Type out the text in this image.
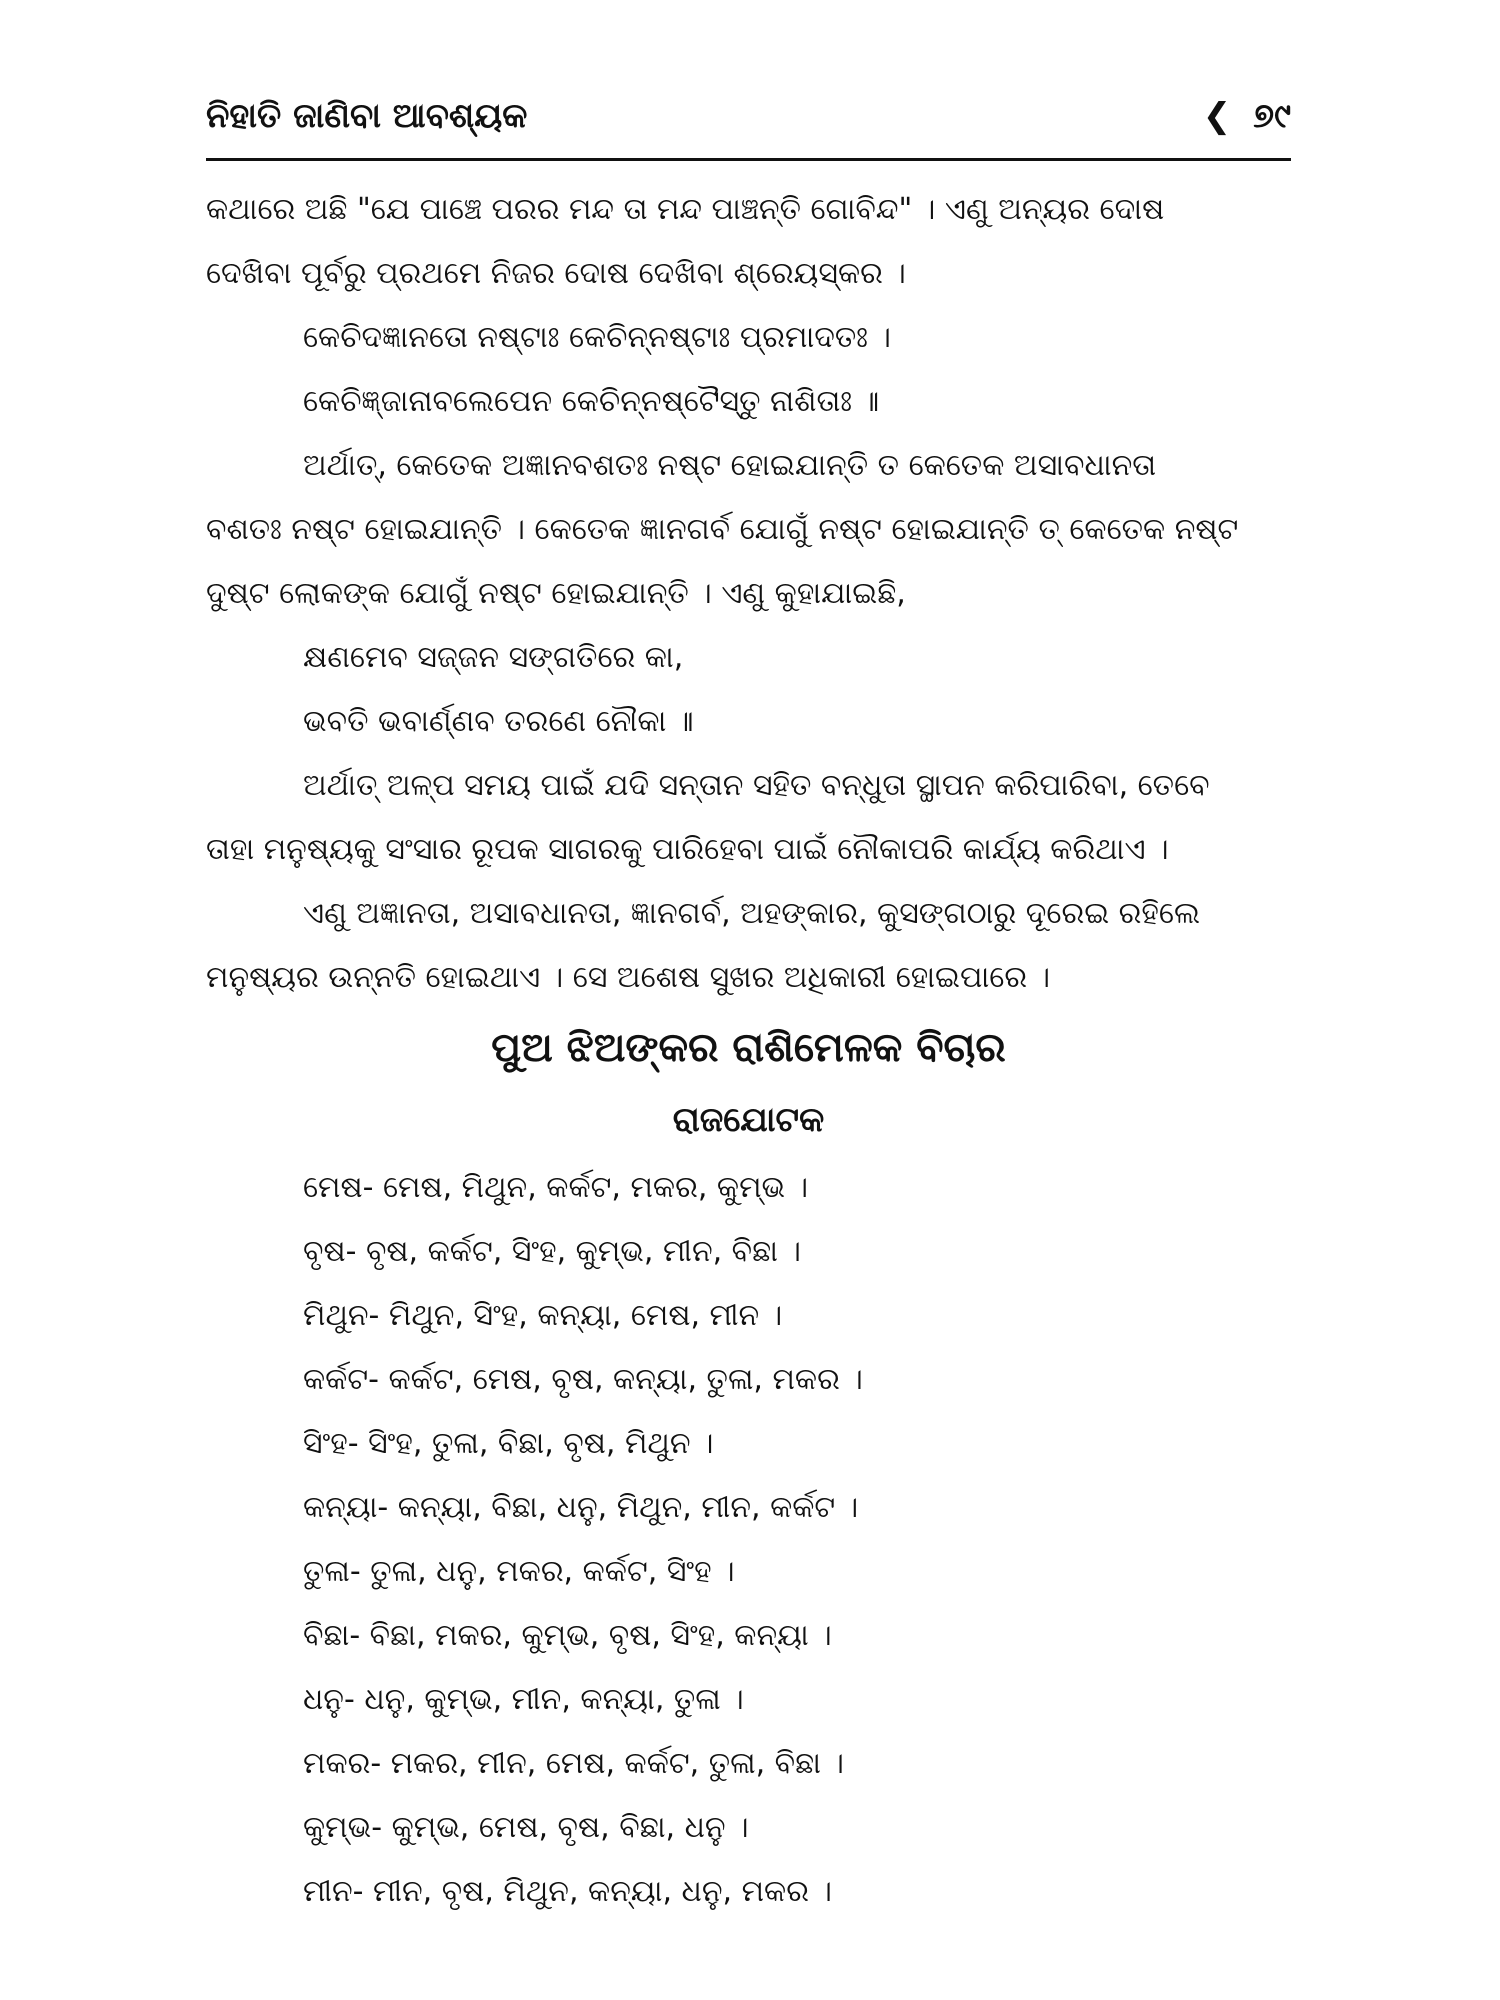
ନିହାତି ଜାଣିବା ଆବଶ୍ୟକ	❮ ୭୯
କଥାରେ ଅଛି "ଯେ ପାଞ୍ଚେ ପରର ମନ୍ଦ ତା ମନ୍ଦ ପାଞ୍ଚନ୍ତି ଗୋବିନ୍ଦ" । ଏଣୁ ଅନ୍ୟର ଦୋଷ
ଦେଖିବା ପୂର୍ବରୁ ପ୍ରଥମେ ନିଜର ଦୋଷ ଦେଖିବା ଶ୍ରେୟସ୍କର ।
କେଚିଦଜ୍ଞାନତୋ ନଷ୍ଟାଃ କେଚିନ୍ନଷ୍ଟାଃ ପ୍ରମାଦତଃ ।
କେଚିଜ୍ଞ୍ଜାନାବଲେପେନ କେଚିନ୍ନଷ୍ଟୈସ୍ତୁ ନାଶିତାଃ ॥
ଅର୍ଥାତ୍, କେତେକ ଅଜ୍ଞାନବଶତଃ ନଷ୍ଟ ହୋଇଯାନ୍ତି ତ କେତେକ ଅସାବଧାନତା
ବଶତଃ ନଷ୍ଟ ହୋଇଯାନ୍ତି । କେତେକ ଜ୍ଞାନଗର୍ବ ଯୋଗୁଁ ନଷ୍ଟ ହୋଇଯାନ୍ତି ତ୍ କେତେକ ନଷ୍ଟ
ଦୁଷ୍ଟ ଲୋକଙ୍କ ଯୋଗୁଁ ନଷ୍ଟ ହୋଇଯାନ୍ତି । ଏଣୁ କୁହାଯାଇଛି,
କ୍ଷଣମେବ ସଜ୍ଜନ ସଙ୍ଗତିରେ କା,
ଭବତି ଭବାର୍ଣ୍ଣବ ତରଣେ ନୌକା ॥
ଅର୍ଥାତ୍ ଅଳ୍ପ ସମୟ ପାଇଁ ଯଦି ସନ୍ତାନ ସହିତ ବନ୍ଧୁତା ସ୍ଥାପନ କରିପାରିବା, ତେବେ
ତାହା ମନୁଷ୍ୟକୁ ସଂସାର ରୂପକ ସାଗରକୁ ପାରିହେବା ପାଇଁ ନୌକାପରି କାର୍ଯ୍ୟ କରିଥାଏ ।
ଏଣୁ ଅଜ୍ଞାନତା, ଅସାବଧାନତା, ଜ୍ଞାନଗର୍ବ, ଅହଙ୍କାର, କୁସଙ୍ଗଠାରୁ ଦୂରେଇ ରହିଲେ
ମନୁଷ୍ୟର ଉନ୍ନତି ହୋଇଥାଏ । ସେ ଅଶେଷ ସୁଖର ଅଧିକାରୀ ହୋଇପାରେ ।
ପୁଅ ଝିଅଙ୍କର ରାଶିମେଳକ ବିଚାର
ରାଜଯୋଟକ
ମେଷ- ମେଷ, ମିଥୁନ, କର୍କଟ, ମକର, କୁମ୍ଭ ।
ବୃଷ- ବୃଷ, କର୍କଟ, ସିଂହ, କୁମ୍ଭ, ମୀନ, ବିଛା ।
ମିଥୁନ- ମିଥୁନ, ସିଂହ, କନ୍ୟା, ମେଷ, ମୀନ ।
କର୍କଟ- କର୍କଟ, ମେଷ, ବୃଷ, କନ୍ୟା, ତୁଳା, ମକର ।
ସିଂହ- ସିଂହ, ତୁଳା, ବିଛା, ବୃଷ, ମିଥୁନ ।
କନ୍ୟା- କନ୍ୟା, ବିଛା, ଧନୁ, ମିଥୁନ, ମୀନ, କର୍କଟ ।
ତୁଳା- ତୁଳା, ଧନୁ, ମକର, କର୍କଟ, ସିଂହ ।
ବିଛା- ବିଛା, ମକର, କୁମ୍ଭ, ବୃଷ, ସିଂହ, କନ୍ୟା ।
ଧନୁ- ଧନୁ, କୁମ୍ଭ, ମୀନ, କନ୍ୟା, ତୁଳା ।
ମକର- ମକର, ମୀନ, ମେଷ, କର୍କଟ, ତୁଳା, ବିଛା ।
କୁମ୍ଭ- କୁମ୍ଭ, ମେଷ, ବୃଷ, ବିଛା, ଧନୁ ।
ମୀନ- ମୀନ, ବୃଷ, ମିଥୁନ, କନ୍ୟା, ଧନୁ, ମକର ।
